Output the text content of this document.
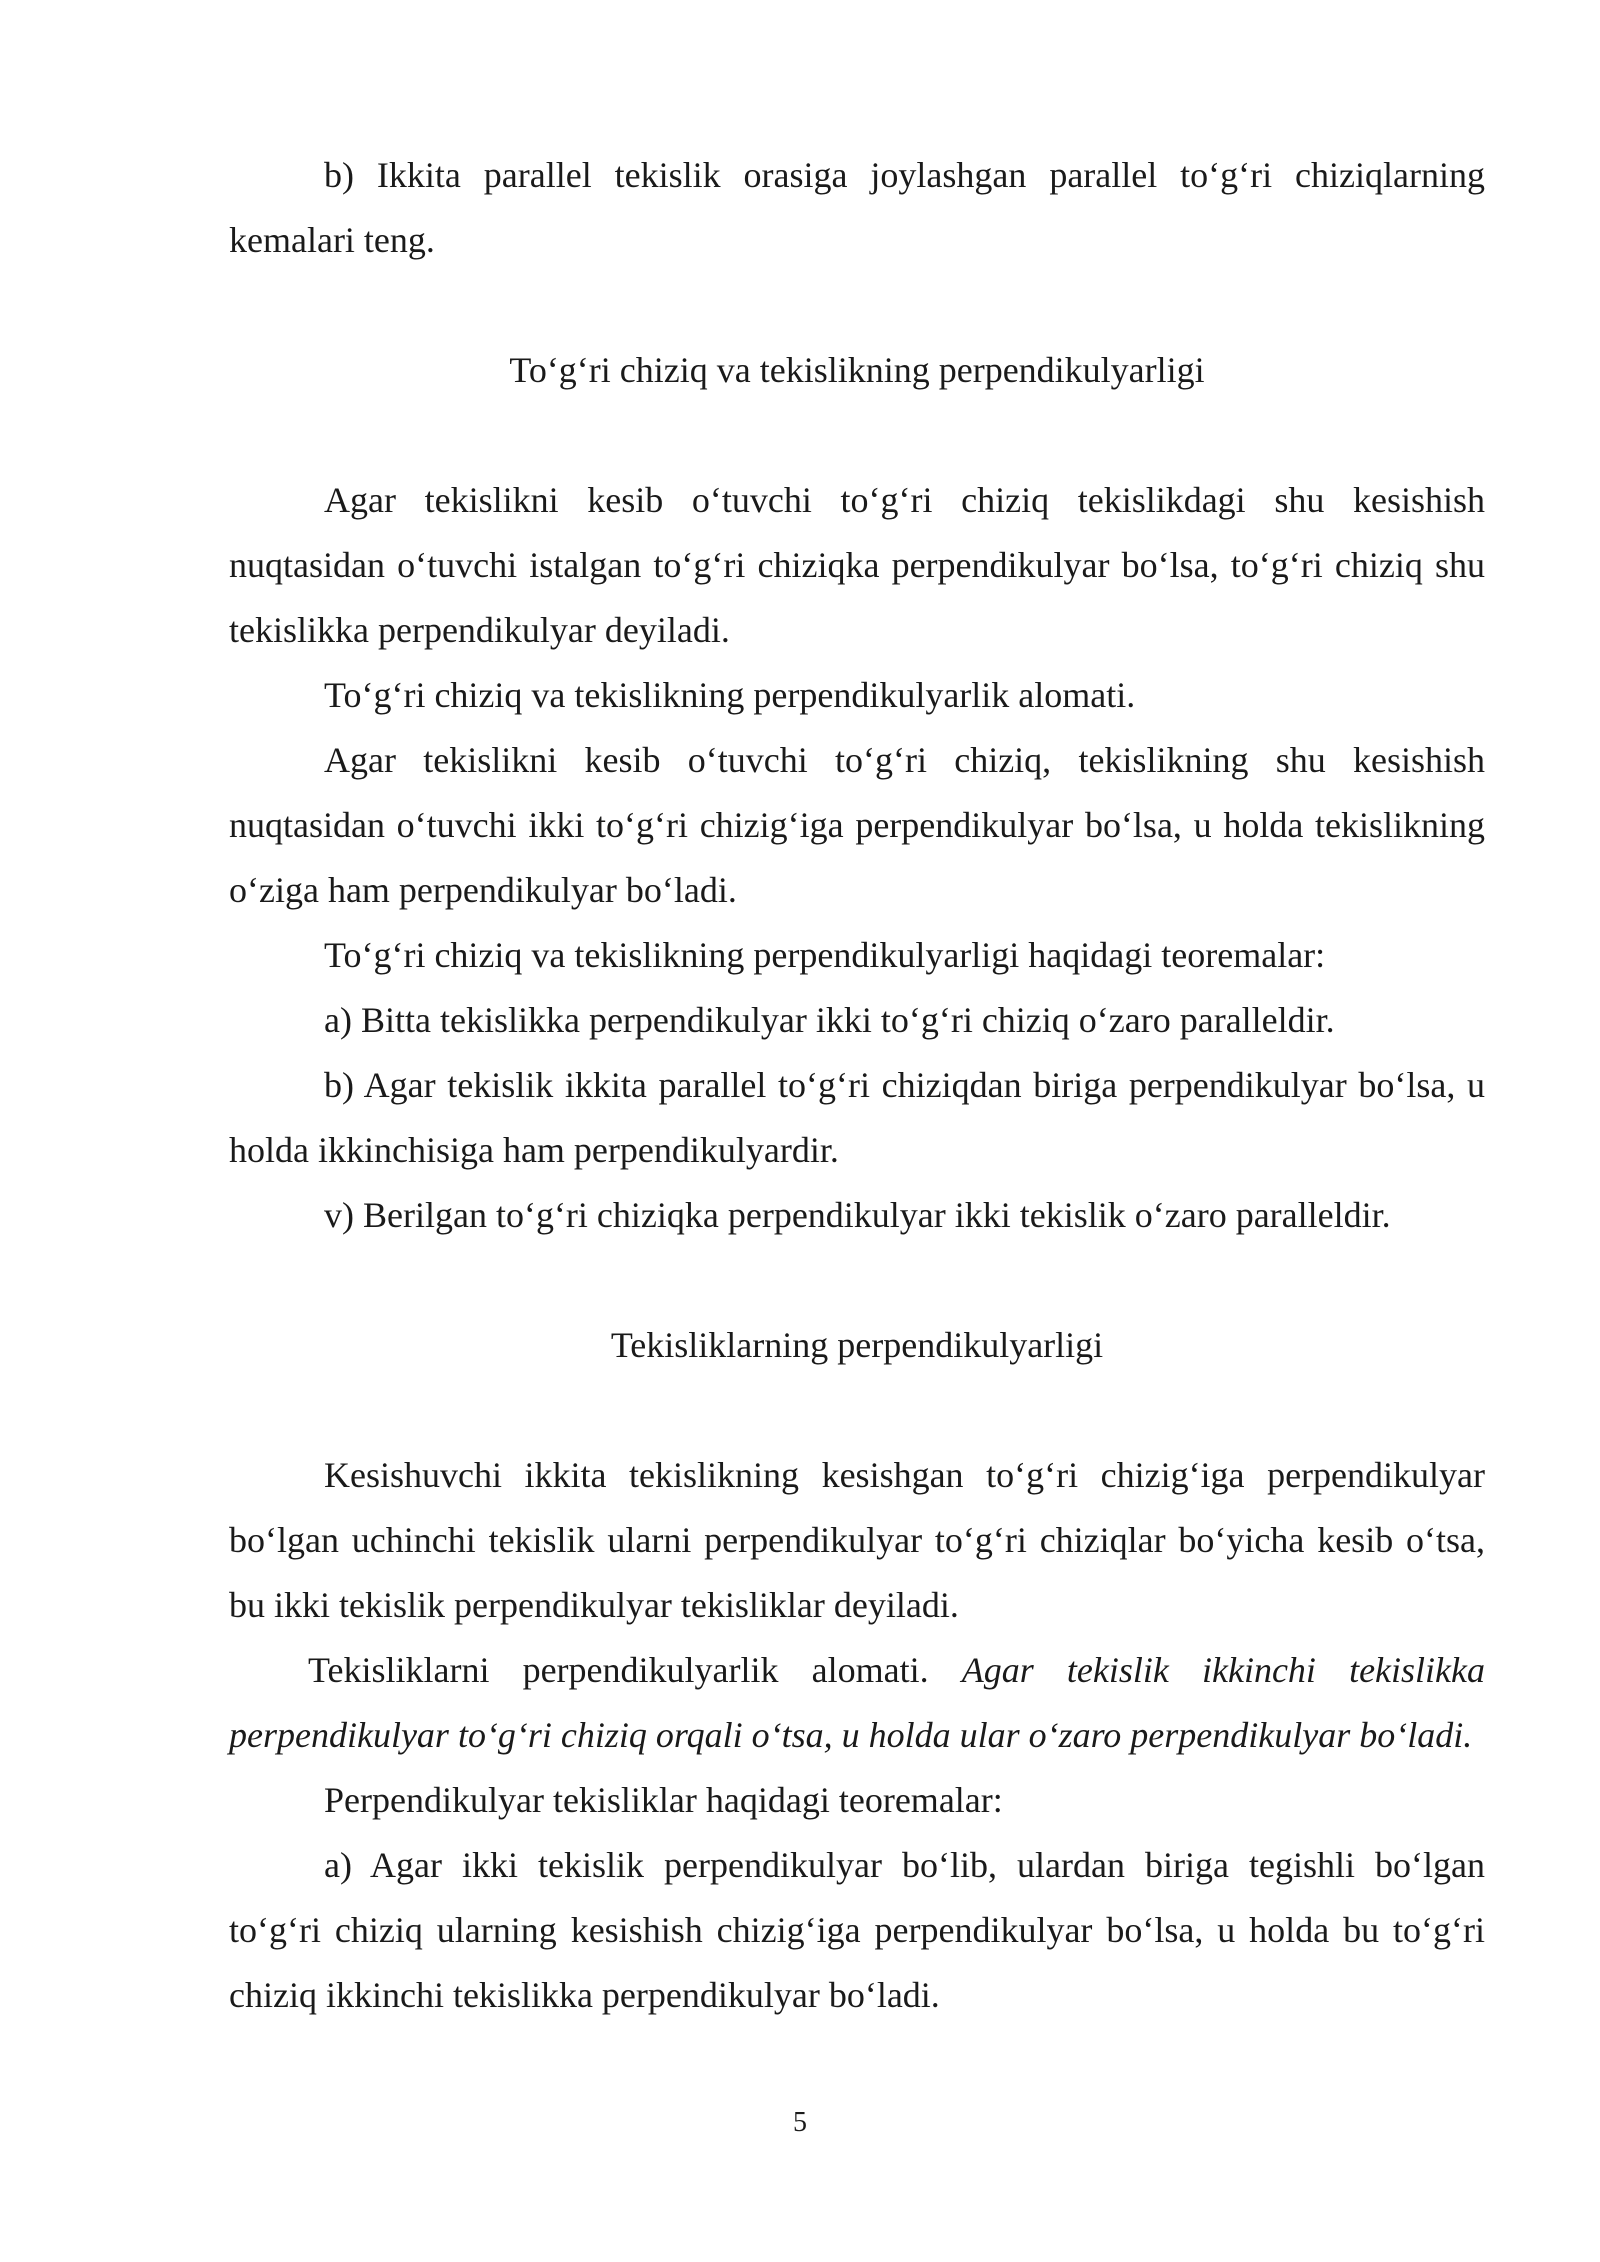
b) Ikkita parallel tekislik orasiga joylashgan parallel to‘g‘ri chiziqlarning kemalari teng.

To‘g‘ri chiziq va tekislikning perpendikulyarligi

Agar tekislikni kesib o‘tuvchi to‘g‘ri chiziq tekislikdagi shu kesishish nuqtasidan o‘tuvchi istalgan to‘g‘ri chiziqka perpendikulyar bo‘lsa, to‘g‘ri chiziq shu tekislikka perpendikulyar deyiladi.

To‘g‘ri chiziq va tekislikning perpendikulyarlik alomati.

Agar tekislikni kesib o‘tuvchi to‘g‘ri chiziq, tekislikning shu kesishish nuqtasidan o‘tuvchi ikki to‘g‘ri chizig‘iga perpendikulyar bo‘lsa, u holda tekislikning o‘ziga ham perpendikulyar bo‘ladi.

To‘g‘ri chiziq va tekislikning perpendikulyarligi haqidagi teoremalar:

a) Bitta tekislikka perpendikulyar ikki to‘g‘ri chiziq o‘zaro paralleldir.

b) Agar tekislik ikkita parallel to‘g‘ri chiziqdan biriga perpendikulyar bo‘lsa, u holda ikkinchisiga ham perpendikulyardir.

v) Berilgan to‘g‘ri chiziqka perpendikulyar ikki tekislik o‘zaro paralleldir.

Tekisliklarning perpendikulyarligi

Kesishuvchi ikkita tekislikning kesishgan to‘g‘ri chizig‘iga perpendikulyar bo‘lgan uchinchi tekislik ularni perpendikulyar to‘g‘ri chiziqlar bo‘yicha kesib o‘tsa, bu ikki tekislik perpendikulyar tekisliklar deyiladi.

Tekisliklarni perpendikulyarlik alomati. Agar tekislik ikkinchi tekislikka perpendikulyar to‘g‘ri chiziq orqali o‘tsa, u holda ular o‘zaro perpendikulyar bo‘ladi.

Perpendikulyar tekisliklar haqidagi teoremalar:

a) Agar ikki tekislik perpendikulyar bo‘lib, ulardan biriga tegishli bo‘lgan to‘g‘ri chiziq ularning kesishish chizig‘iga perpendikulyar bo‘lsa, u holda bu to‘g‘ri chiziq ikkinchi tekislikka perpendikulyar bo‘ladi.

5
